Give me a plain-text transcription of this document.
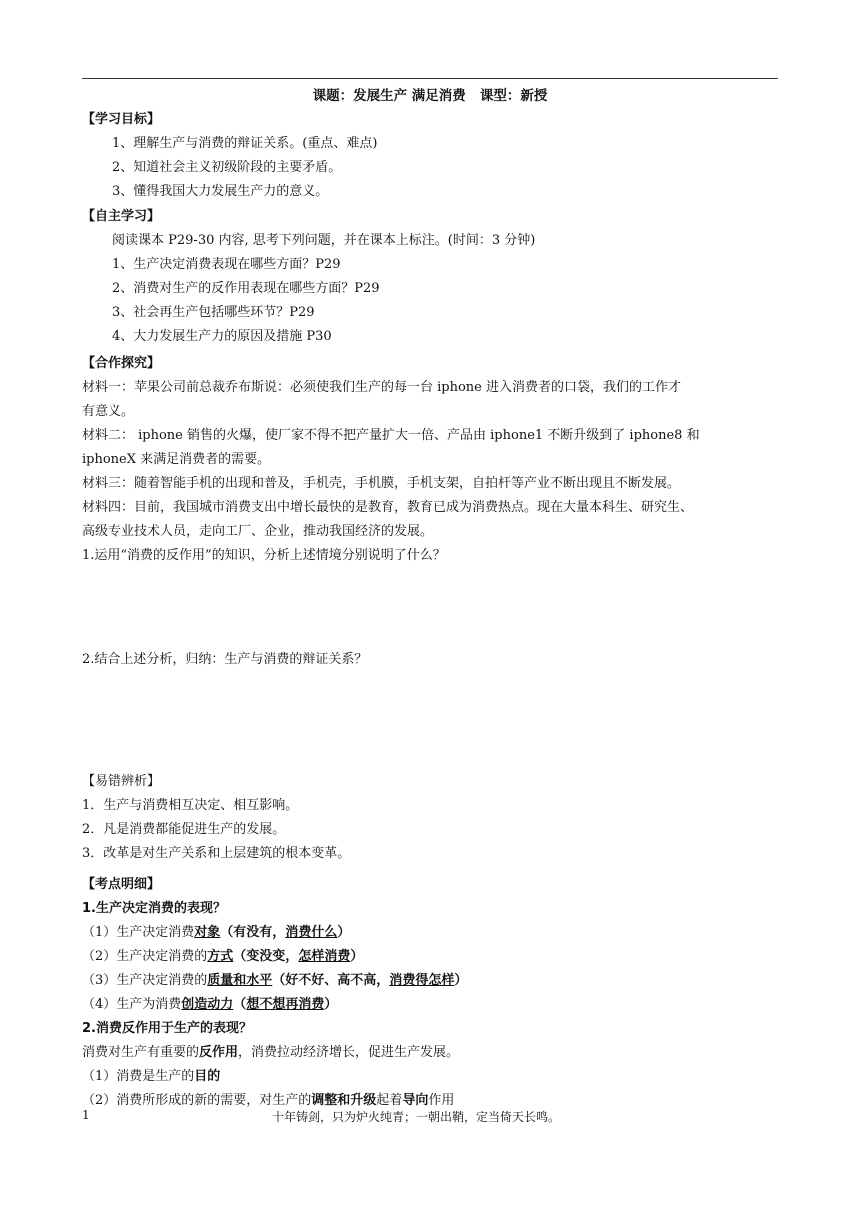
课题：发展生产 满足消费   课型：新授
【学习目标】
1、理解生产与消费的辩证关系。(重点、难点)
2、知道社会主义初级阶段的主要矛盾。
3、懂得我国大力发展生产力的意义。
【自主学习】
阅读课本 P29-30 内容, 思考下列问题，并在课本上标注。(时间：3 分钟)
1、生产决定消费表现在哪些方面？P29
2、消费对生产的反作用表现在哪些方面？P29
3、社会再生产包括哪些环节？P29
4、大力发展生产力的原因及措施 P30
【合作探究】
材料一：苹果公司前总裁乔布斯说：必须使我们生产的每一台 iphone 进入消费者的口袋，我们的工作才
有意义。
材料二： iphone 销售的火爆，使厂家不得不把产量扩大一倍、产品由 iphone1 不断升级到了 iphone8 和
iphoneX 来满足消费者的需要。
材料三：随着智能手机的出现和普及，手机壳，手机膜，手机支架，自拍杆等产业不断出现且不断发展。
材料四：目前，我国城市消费支出中增长最快的是教育，教育已成为消费热点。现在大量本科生、研究生、
高级专业技术人员，走向工厂、企业，推动我国经济的发展。
1.运用“消费的反作用”的知识，分析上述情境分别说明了什么？
2.结合上述分析，归纳：生产与消费的辩证关系？
【易错辨析】
1．生产与消费相互决定、相互影响。
2．凡是消费都能促进生产的发展。
3．改革是对生产关系和上层建筑的根本变革。
【考点明细】
1.生产决定消费的表现？
（1）生产决定消费对象（有没有，消费什么）
（2）生产决定消费的方式（变没变，怎样消费）
（3）生产决定消费的质量和水平（好不好、高不高，消费得怎样）
（4）生产为消费创造动力（想不想再消费）
2.消费反作用于生产的表现？
消费对生产有重要的反作用，消费拉动经济增长，促进生产发展。
（1）消费是生产的目的
（2）消费所形成的新的需要，对生产的调整和升级起着导向作用
1	十年铸剑，只为炉火纯青；一朝出鞘，定当倚天长鸣。
